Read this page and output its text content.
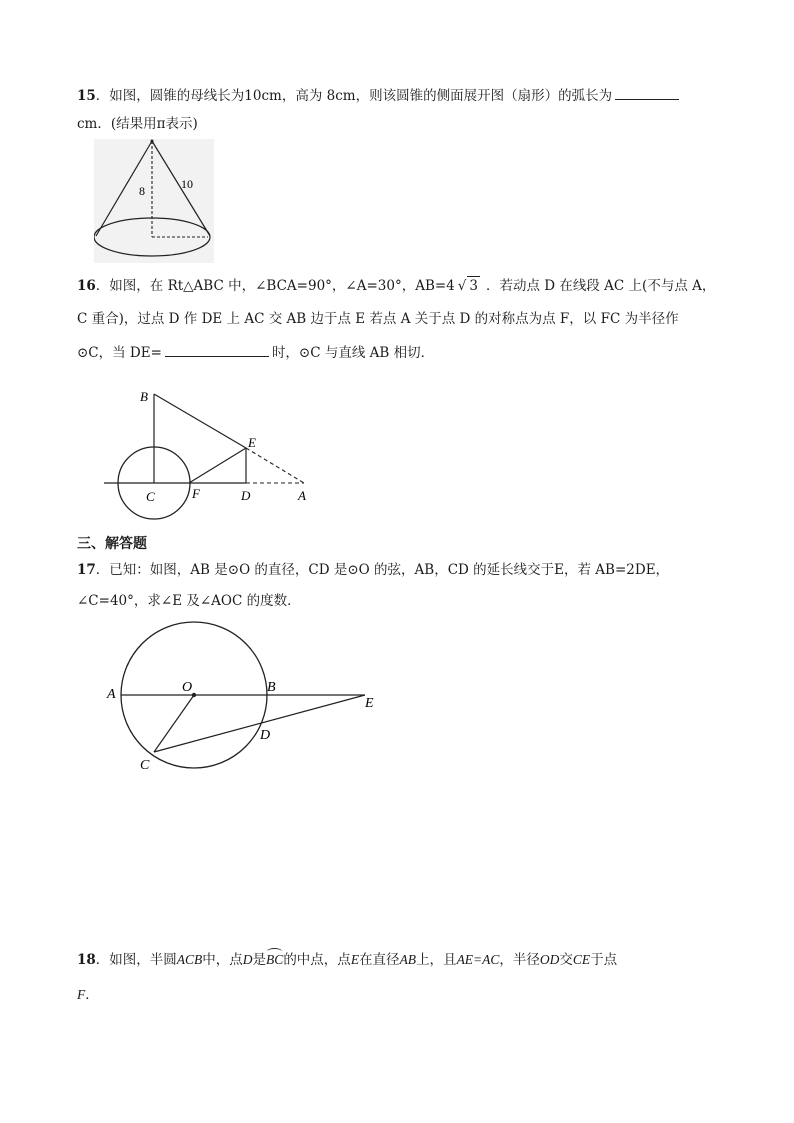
15．如图，圆锥的母线长为10cm，高为 8cm，则该圆锥的侧面展开图（扇形）的弧长为
cm．(结果用π表示)
8	10
16．如图，在 Rt△ABC 中，∠BCA=90°，∠A=30°，AB=4 √ 3 ．若动点 D 在线段 AC 上(不与点 A，
C 重合)，过点 D 作 DE 上 AC 交 AB 边于点 E 若点 A 关于点 D 的对称点为点 F，以 FC 为半径作
⊙C，当 DE=	时，⊙C 与直线 AB 相切．
B
C	F	D	A
E
三、解答题
17．已知：如图，AB 是⊙O 的直径，CD 是⊙O 的弦，AB，CD 的延长线交于E，若 AB=2DE，
∠C=40°，求∠E 及∠AOC 的度数．
A	O	B
E
D
C
18．如图，半圆ACB中，点D是BC的中点，点E在直径AB上，且AE=AC，半径OD交CE于点
F．
